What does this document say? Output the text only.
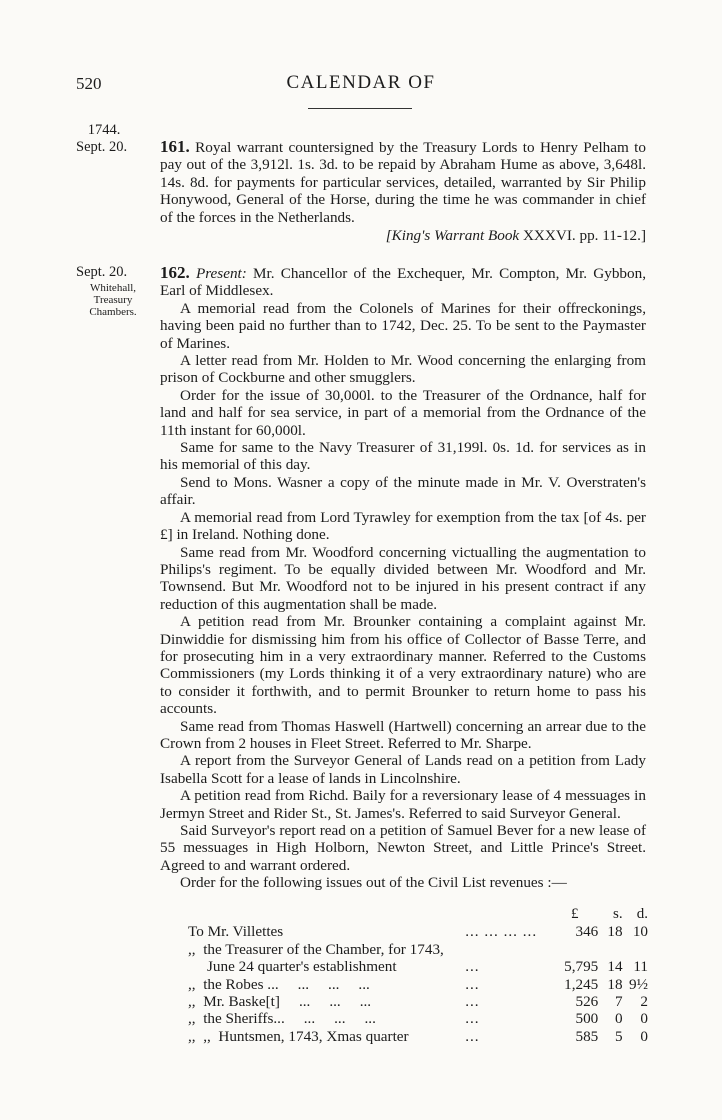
520	CALENDAR OF
1744.
Sept. 20.	161. Royal warrant countersigned by the Treasury Lords to Henry Pelham to pay out of the 3,912l. 1s. 3d. to be repaid by Abraham Hume as above, 3,648l. 14s. 8d. for payments for particular services, detailed, warranted by Sir Philip Honywood, General of the Horse, during the time he was commander in chief of the forces in the Netherlands.

[King's Warrant Book XXXVI. pp. 11-12.]
Sept. 20.
Whitehall, Treasury Chambers.

162. Present: Mr. Chancellor of the Exchequer, Mr. Compton, Mr. Gybbon, Earl of Middlesex.

A memorial read from the Colonels of Marines for their offreckonings, having been paid no further than to 1742, Dec. 25. To be sent to the Paymaster of Marines.

A letter read from Mr. Holden to Mr. Wood concerning the enlarging from prison of Cockburne and other smugglers.

Order for the issue of 30,000l. to the Treasurer of the Ordnance, half for land and half for sea service, in part of a memorial from the Ordnance of the 11th instant for 60,000l.

Same for same to the Navy Treasurer of 31,199l. 0s. 1d. for services as in his memorial of this day.

Send to Mons. Wasner a copy of the minute made in Mr. V. Overstraten's affair.

A memorial read from Lord Tyrawley for exemption from the tax [of 4s. per £] in Ireland. Nothing done.

Same read from Mr. Woodford concerning victualling the augmentation to Philips's regiment. To be equally divided between Mr. Woodford and Mr. Townsend. But Mr. Woodford not to be injured in his present contract if any reduction of this augmentation shall be made.

A petition read from Mr. Brounker containing a complaint against Mr. Dinwiddie for dismissing him from his office of Collector of Basse Terre, and for prosecuting him in a very extraordinary manner. Referred to the Customs Commissioners (my Lords thinking it of a very extraordinary nature) who are to consider it forthwith, and to permit Brounker to return home to pass his accounts.

Same read from Thomas Haswell (Hartwell) concerning an arrear due to the Crown from 2 houses in Fleet Street. Referred to Mr. Sharpe.

A report from the Surveyor General of Lands read on a petition from Lady Isabella Scott for a lease of lands in Lincolnshire.

A petition read from Richd. Baily for a reversionary lease of 4 messuages in Jermyn Street and Rider St., St. James's. Referred to said Surveyor General.

Said Surveyor's report read on a petition of Samuel Bever for a new lease of 55 messuages in High Holborn, Newton Street, and Little Prince's Street. Agreed to and warrant ordered.

Order for the following issues out of the Civil List revenues :—

		£	s.	d.
To Mr. Villettes	... ... ... ...	346	18	10
,,  the Treasurer of the Chamber, for 1743,				
June 24 quarter's establishment	...	5,795	14	11
,,  the Robes ...     ...     ...     ...	...	1,245	18	9½
,,  Mr. Baske[t]     ...     ...     ...	...	526	7	2
,,  the Sheriffs...     ...     ...     ...	...	500	0	0
,,  ,,  Huntsmen, 1743, Xmas quarter	...	585	5	0
